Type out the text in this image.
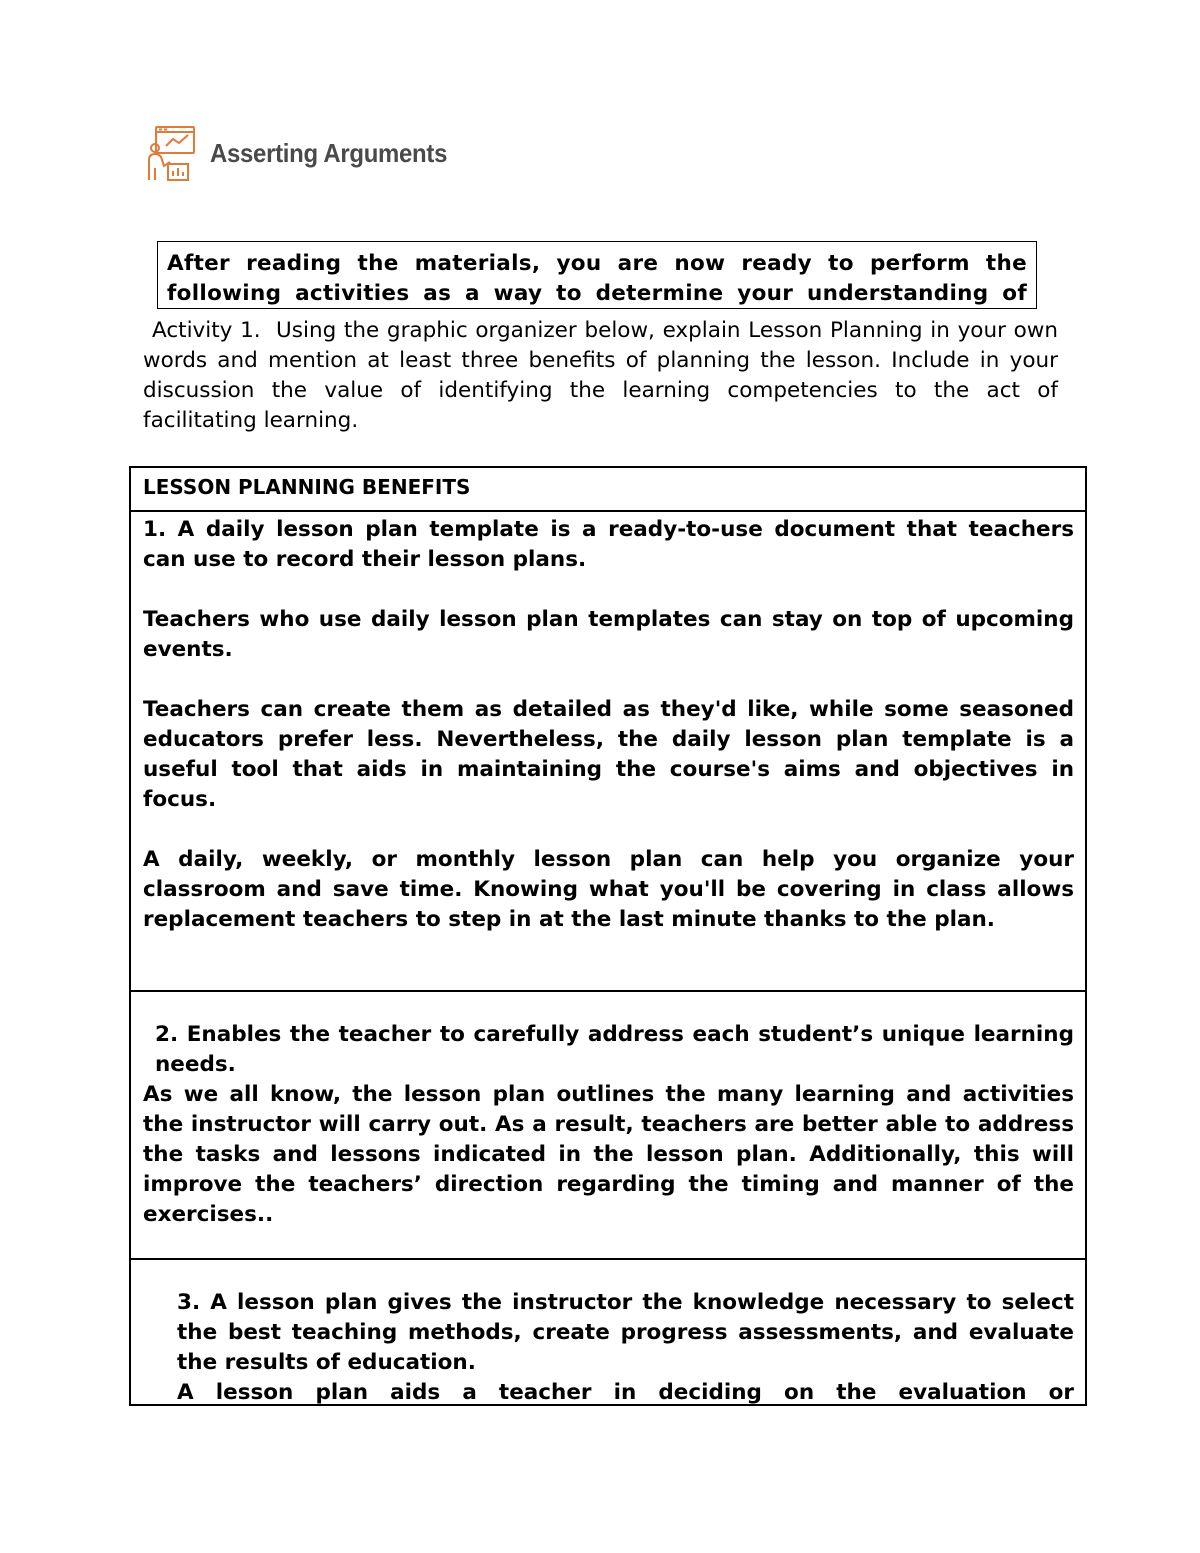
Asserting Arguments
After reading the materials, you are now ready to perform the
following activities as a way to determine your understanding of
Activity 1. Using the graphic organizer below, explain Lesson Planning in your own words and mention at least three benefits of planning the lesson. Include in your discussion the value of identifying the learning competencies to the act of facilitating learning.
LESSON PLANNING BENEFITS

1. A daily lesson plan template is a ready-to-use document that teachers can use to record their lesson plans.

Teachers who use daily lesson plan templates can stay on top of upcoming events.

Teachers can create them as detailed as they'd like, while some seasoned educators prefer less. Nevertheless, the daily lesson plan template is a useful tool that aids in maintaining the course's aims and objectives in focus.

A daily, weekly, or monthly lesson plan can help you organize your classroom and save time. Knowing what you'll be covering in class allows replacement teachers to step in at the last minute thanks to the plan.

2. Enables the teacher to carefully address each student’s unique learning needs.

As we all know, the lesson plan outlines the many learning and activities the instructor will carry out. As a result, teachers are better able to address the tasks and lessons indicated in the lesson plan. Additionally, this will improve the teachers’ direction regarding the timing and manner of the exercises..

3. A lesson plan gives the instructor the knowledge necessary to select the best teaching methods, create progress assessments, and evaluate the results of education.

A lesson plan aids a teacher in deciding on the evaluation or
